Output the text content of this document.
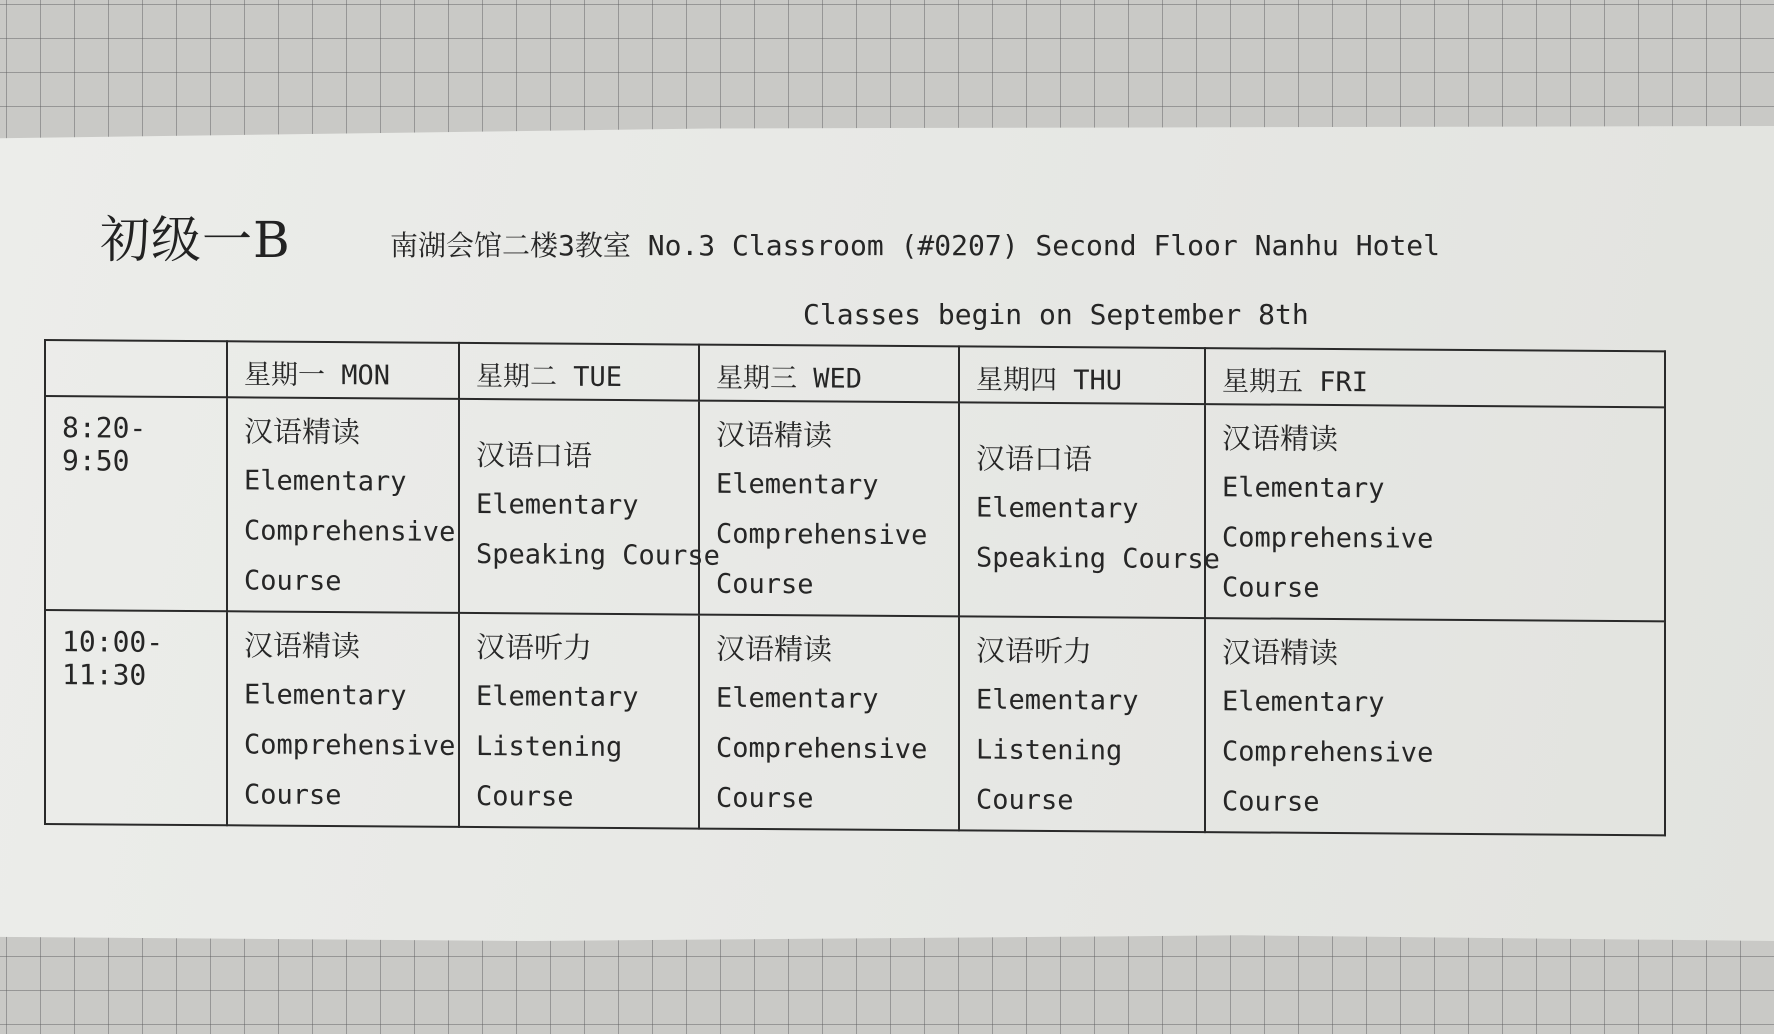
初级一B	南湖会馆二楼3教室 No.3 Classroom (#0207) Second Floor Nanhu Hotel
Classes begin on September 8th
	星期一 MON	星期二 TUE	星期三 WED	星期四 THU	星期五 FRI
8:20-9:50	汉语精读
Elementary
Comprehensive
Course	汉语口语
Elementary
Speaking Course	汉语精读
Elementary
Comprehensive
Course	汉语口语
Elementary
Speaking Course	汉语精读
Elementary
Comprehensive
Course

10:00-11:30	汉语精读
Elementary
Comprehensive
Course	汉语听力
Elementary
Listening
Course	汉语精读
Elementary
Comprehensive
Course	汉语听力
Elementary
Listening
Course	汉语精读
Elementary
Comprehensive
Course
